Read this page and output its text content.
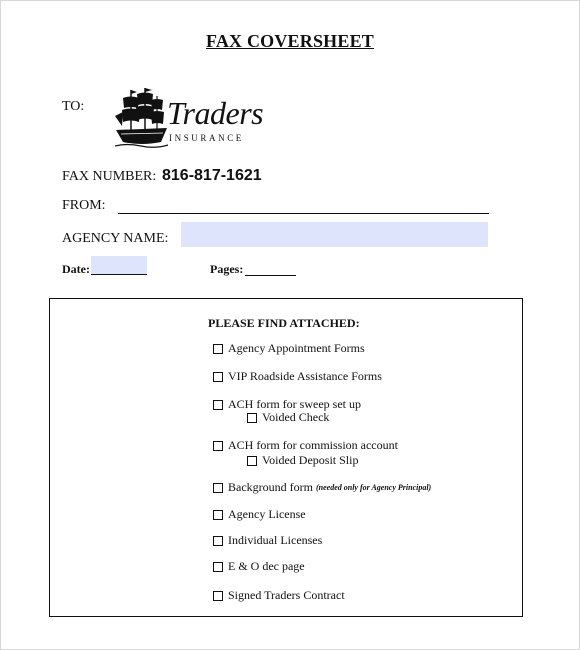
FAX COVERSHEET
TO:	Traders
INSURANCE
FAX NUMBER: 816-817-1621
FROM:
AGENCY NAME:
Date:	Pages:
PLEASE FIND ATTACHED:
Agency Appointment Forms
VIP Roadside Assistance Forms
ACH form for sweep set up
Voided Check
ACH form for commission account
Voided Deposit Slip
Background form (needed only for Agency Principal)
Agency License
Individual Licenses
E & O dec page
Signed Traders Contract
